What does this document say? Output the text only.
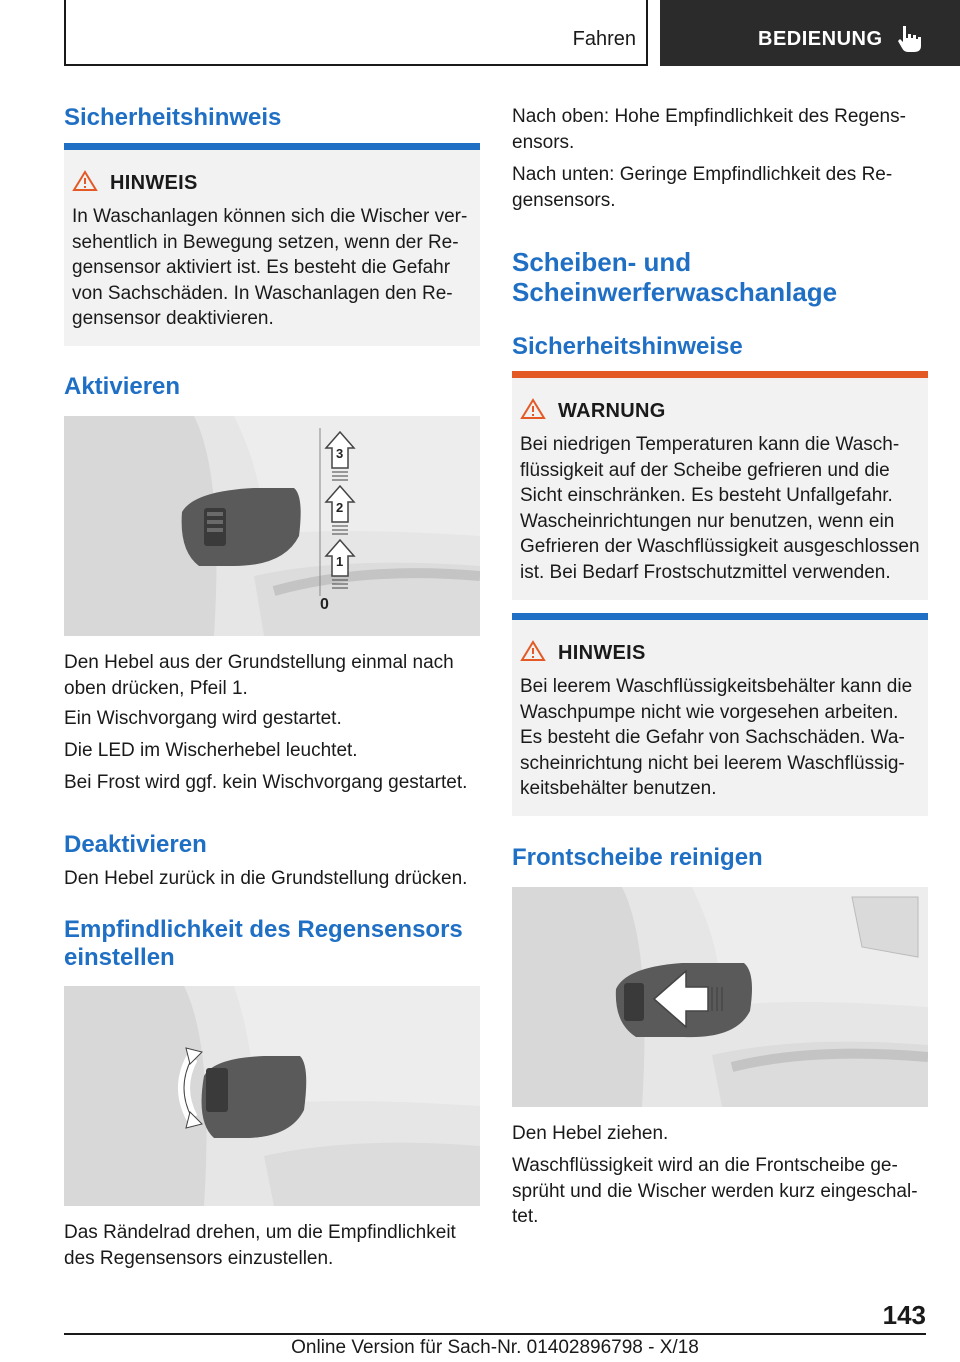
Fahren	BEDIENUNG
Sicherheitshinweis
HINWEIS
In Waschanlagen können sich die Wischer ver-
sehentlich in Bewegung setzen, wenn der Re-
gensensor aktiviert ist. Es besteht die Gefahr
von Sachschäden. In Waschanlagen den Re-
gensensor deaktivieren.
Aktivieren
1
2
3
0

Den Hebel aus der Grundstellung einmal nach
oben drücken, Pfeil 1.

Ein Wischvorgang wird gestartet.

Die LED im Wischerhebel leuchtet.

Bei Frost wird ggf. kein Wischvorgang gestartet.

Deaktivieren

Den Hebel zurück in die Grundstellung drücken.

Empfindlichkeit des Regensensors
einstellen

Das Rändelrad drehen, um die Empfindlichkeit
des Regensensors einzustellen.

Nach oben: Hohe Empfindlichkeit des Regens-
ensors.

Nach unten: Geringe Empfindlichkeit des Re-
gensensors.

Scheiben- und
Scheinwerferwaschanlage
Sicherheitshinweise
WARNUNG
Bei niedrigen Temperaturen kann die Wasch-
flüssigkeit auf der Scheibe gefrieren und die
Sicht einschränken. Es besteht Unfallgefahr.
Wascheinrichtungen nur benutzen, wenn ein
Gefrieren der Waschflüssigkeit ausgeschlossen
ist. Bei Bedarf Frostschutzmittel verwenden.
HINWEIS
Bei leerem Waschflüssigkeitsbehälter kann die
Waschpumpe nicht wie vorgesehen arbeiten.
Es besteht die Gefahr von Sachschäden. Wa-
scheinrichtung nicht bei leerem Waschflüssig-
keitsbehälter benutzen.
Frontscheibe reinigen

Den Hebel ziehen.

Waschflüssigkeit wird an die Frontscheibe ge-
sprüht und die Wischer werden kurz eingeschal-
tet.

143
Online Version für Sach-Nr. 01402896798 - X/18
